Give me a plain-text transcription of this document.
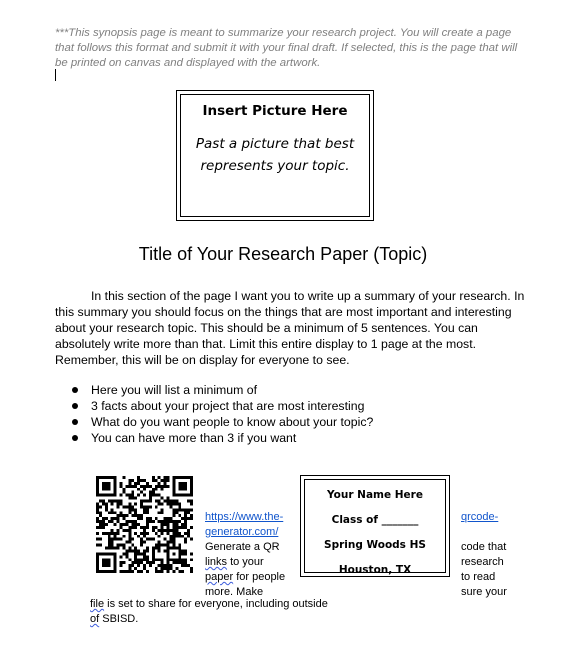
***This synopsis page is meant to summarize your research project. You will create a page that follows this format and submit it with your final draft. If selected, this is the page that will be printed on canvas and displayed with the artwork.
Insert Picture Here
Past a picture that best
represents your topic.
Title of Your Research Paper (Topic)

In this section of the page I want you to write up a summary of your research. In this summary you should focus on the things that are most important and interesting about your research topic. This should be a minimum of 5 sentences. You can absolutely write more than that. Limit this entire display to 1 page at the most. Remember, this will be on display for everyone to see.

Here you will list a minimum of
3 facts about your project that are most interesting
What do you want people to know about your topic?
You can have more than 3 if you want
https://www.the-
generator.com/
Generate a QR
links to your
paper for people
more. Make
Your Name Here
Class of _______
Spring Woods HS
Houston, TX
qrcode-

code that
research
to read
sure your
file is set to share for everyone, including outside
of SBISD.
